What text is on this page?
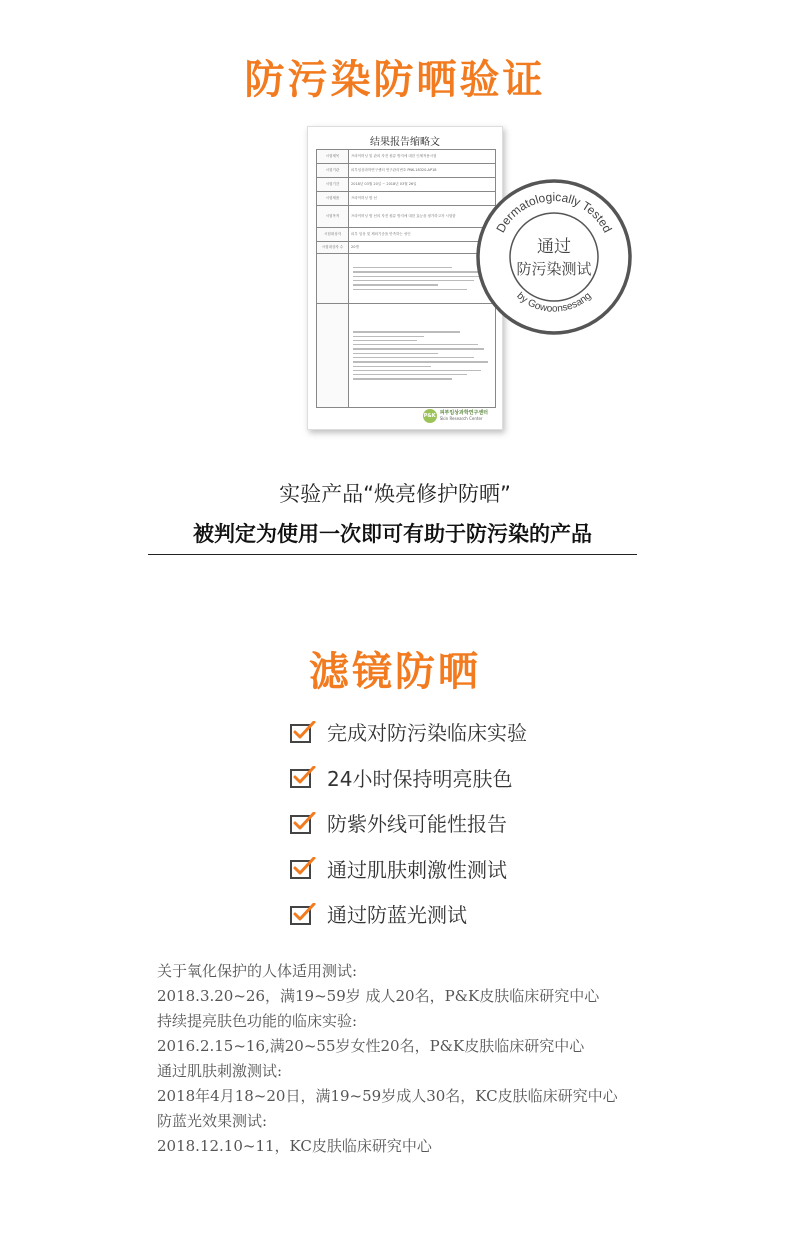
防污染防晒验证
结果报告缩略文
시험제목	프라이머닝 및 관의 자전 원류 방지에 대한 인체적용시험
시험기관	피부임상과학연구센터 연구관리번호 PNK-18320-AP18
시험기간	2018년 03월 20일 ~ 2018년 03월 26일
시험제품	프라이머닝 밤 선
시험목적	프라이머닝 밤 선의 자전 원류 방지에 대한 효능을 평가하고자 시험함
시험대상자	피부 임상 및 제외기준을 만족하는 성인
시험대상자 수	20명

P&K 피부임상과학연구센터
Skin Research Center
Dermatologically Tested
by Gowoonsesang
通过
防污染测试
实验产品“焕亮修护防晒”
被判定为使用一次即可有助于防污染的产品
滤镜防晒
完成对防污染临床实验
24小时保持明亮肤色
防紫外线可能性报告
通过肌肤刺激性测试
通过防蓝光测试
关于氧化保护的人体适用测试:
2018.3.20~26，满19~59岁 成人20名，P&K皮肤临床研究中心
持续提亮肤色功能的临床实验:
2016.2.15~16,满20~55岁女性20名，P&K皮肤临床研究中心
通过肌肤刺激测试:
2018年4月18~20日，满19~59岁成人30名，KC皮肤临床研究中心
防蓝光效果测试:
2018.12.10~11，KC皮肤临床研究中心
